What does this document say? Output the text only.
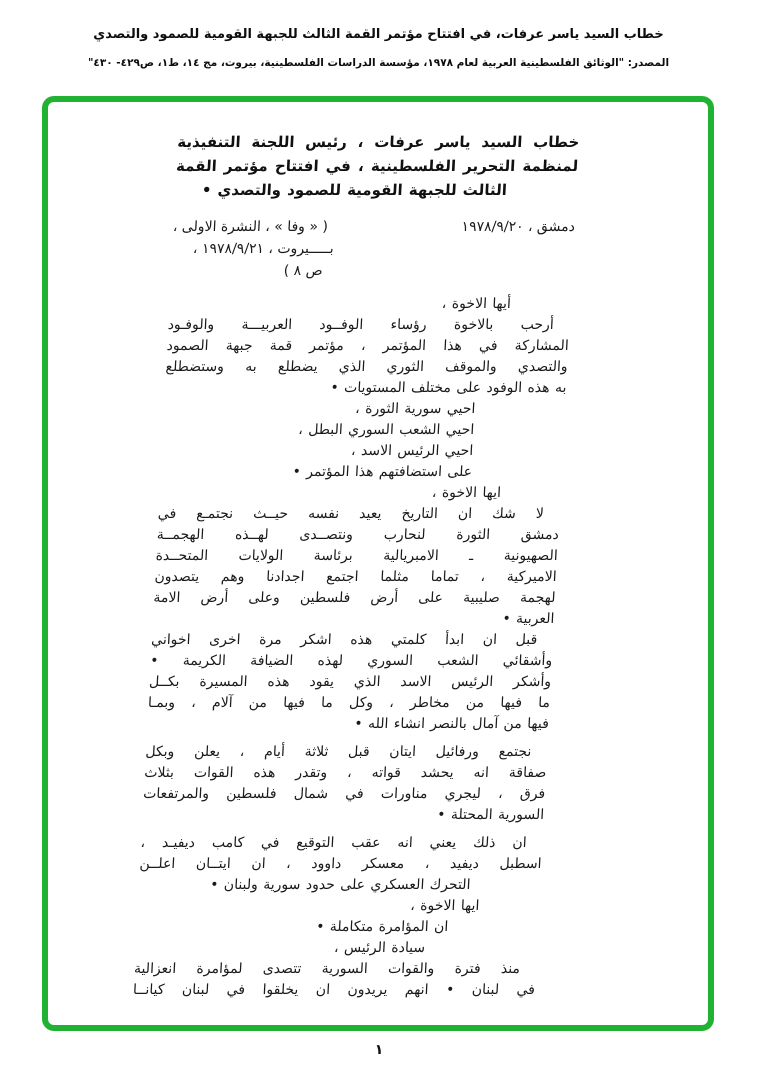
خطاب السيد ياسر عرفات، في افتتاح مؤتمر القمة الثالث للجبهة القومية للصمود والتصدي
المصدر: "الوثائق الفلسطينية العربية لعام ١٩٧٨، مؤسسة الدراسات الفلسطينية، بيروت، مج ١٤، ط١، ص٤٢٩- ٤٣٠"
خطاب السيد ياسر عرفات ، رئيس اللجنة التنفيذية
لمنظمة التحرير الفلسطينية ، في افتتاح مؤتمر القمة
الثالث للجبهة القومية للصمود والتصدي •
دمشق ، ١٩٧٨/٩/٢٠
( « وفا » ، النشرة الاولى ،
بـــــيروت ، ١٩٧٨/٩/٢١ ،
ص ٨ )
أيها الاخوة ،
أرحب بالاخوة رؤساء الوفــود العربيـــة والوفـود
المشاركة في هذا المؤتمر ، مؤتمر قمة جبهة الصمود
والتصدي والموقف الثوري الذي يضطلع به وستضطلع
به هذه الوفود على مختلف المستويات •
احيي سورية الثورة ،
احيي الشعب السوري البطل ،
احيي الرئيس الاسد ،
على استضافتهم هذا المؤتمر •
ايها الاخوة ،
لا شك ان التاريخ يعيد نفسه حيــث نجتمـع في
دمشق الثورة لنحارب ونتصــدى لهــذه الهجمــة
الصهيونية ـ الامبريالية برئاسة الولايات المتحــدة
الاميركية ، تماما مثلما اجتمع اجدادنا وهم يتصدون
لهجمة صليبية على أرض فلسطين وعلى أرض الامة
العربية •
قبل ان ابدأ كلمتي هذه اشكر مرة اخرى اخواني
وأشقائي الشعب السوري لهذه الضيافة الكريمة •
وأشكر الرئيس الاسد الذي يقود هذه المسيرة بكــل
ما فيها من مخاطر ، وكل ما فيها من آلام ، وبمـا
فيها من آمال بالنصر انشاء الله •
نجتمع ورفائيل ايتان قبل ثلاثة أيام ، يعلن وبكل
صفاقة انه يحشد قواته ، وتقدر هذه القوات بثلاث
فرق ، ليجري مناورات في شمال فلسطين والمرتفعات
السورية المحتلة •
ان ذلك يعني انه عقب التوقيع في كامب ديفيـد ،
اسطبل ديفيد ، معسكر داوود ، ان ايتــان اعلــن
التحرك العسكري على حدود سورية ولبنان •
ايها الاخوة ،
ان المؤامرة متكاملة •
سيادة الرئيس ،
منذ فترة والقوات السورية تتصدى لمؤامرة انعزالية
في لبنان • انهم يريدون ان يخلقوا في لبنان كيانــا
١
